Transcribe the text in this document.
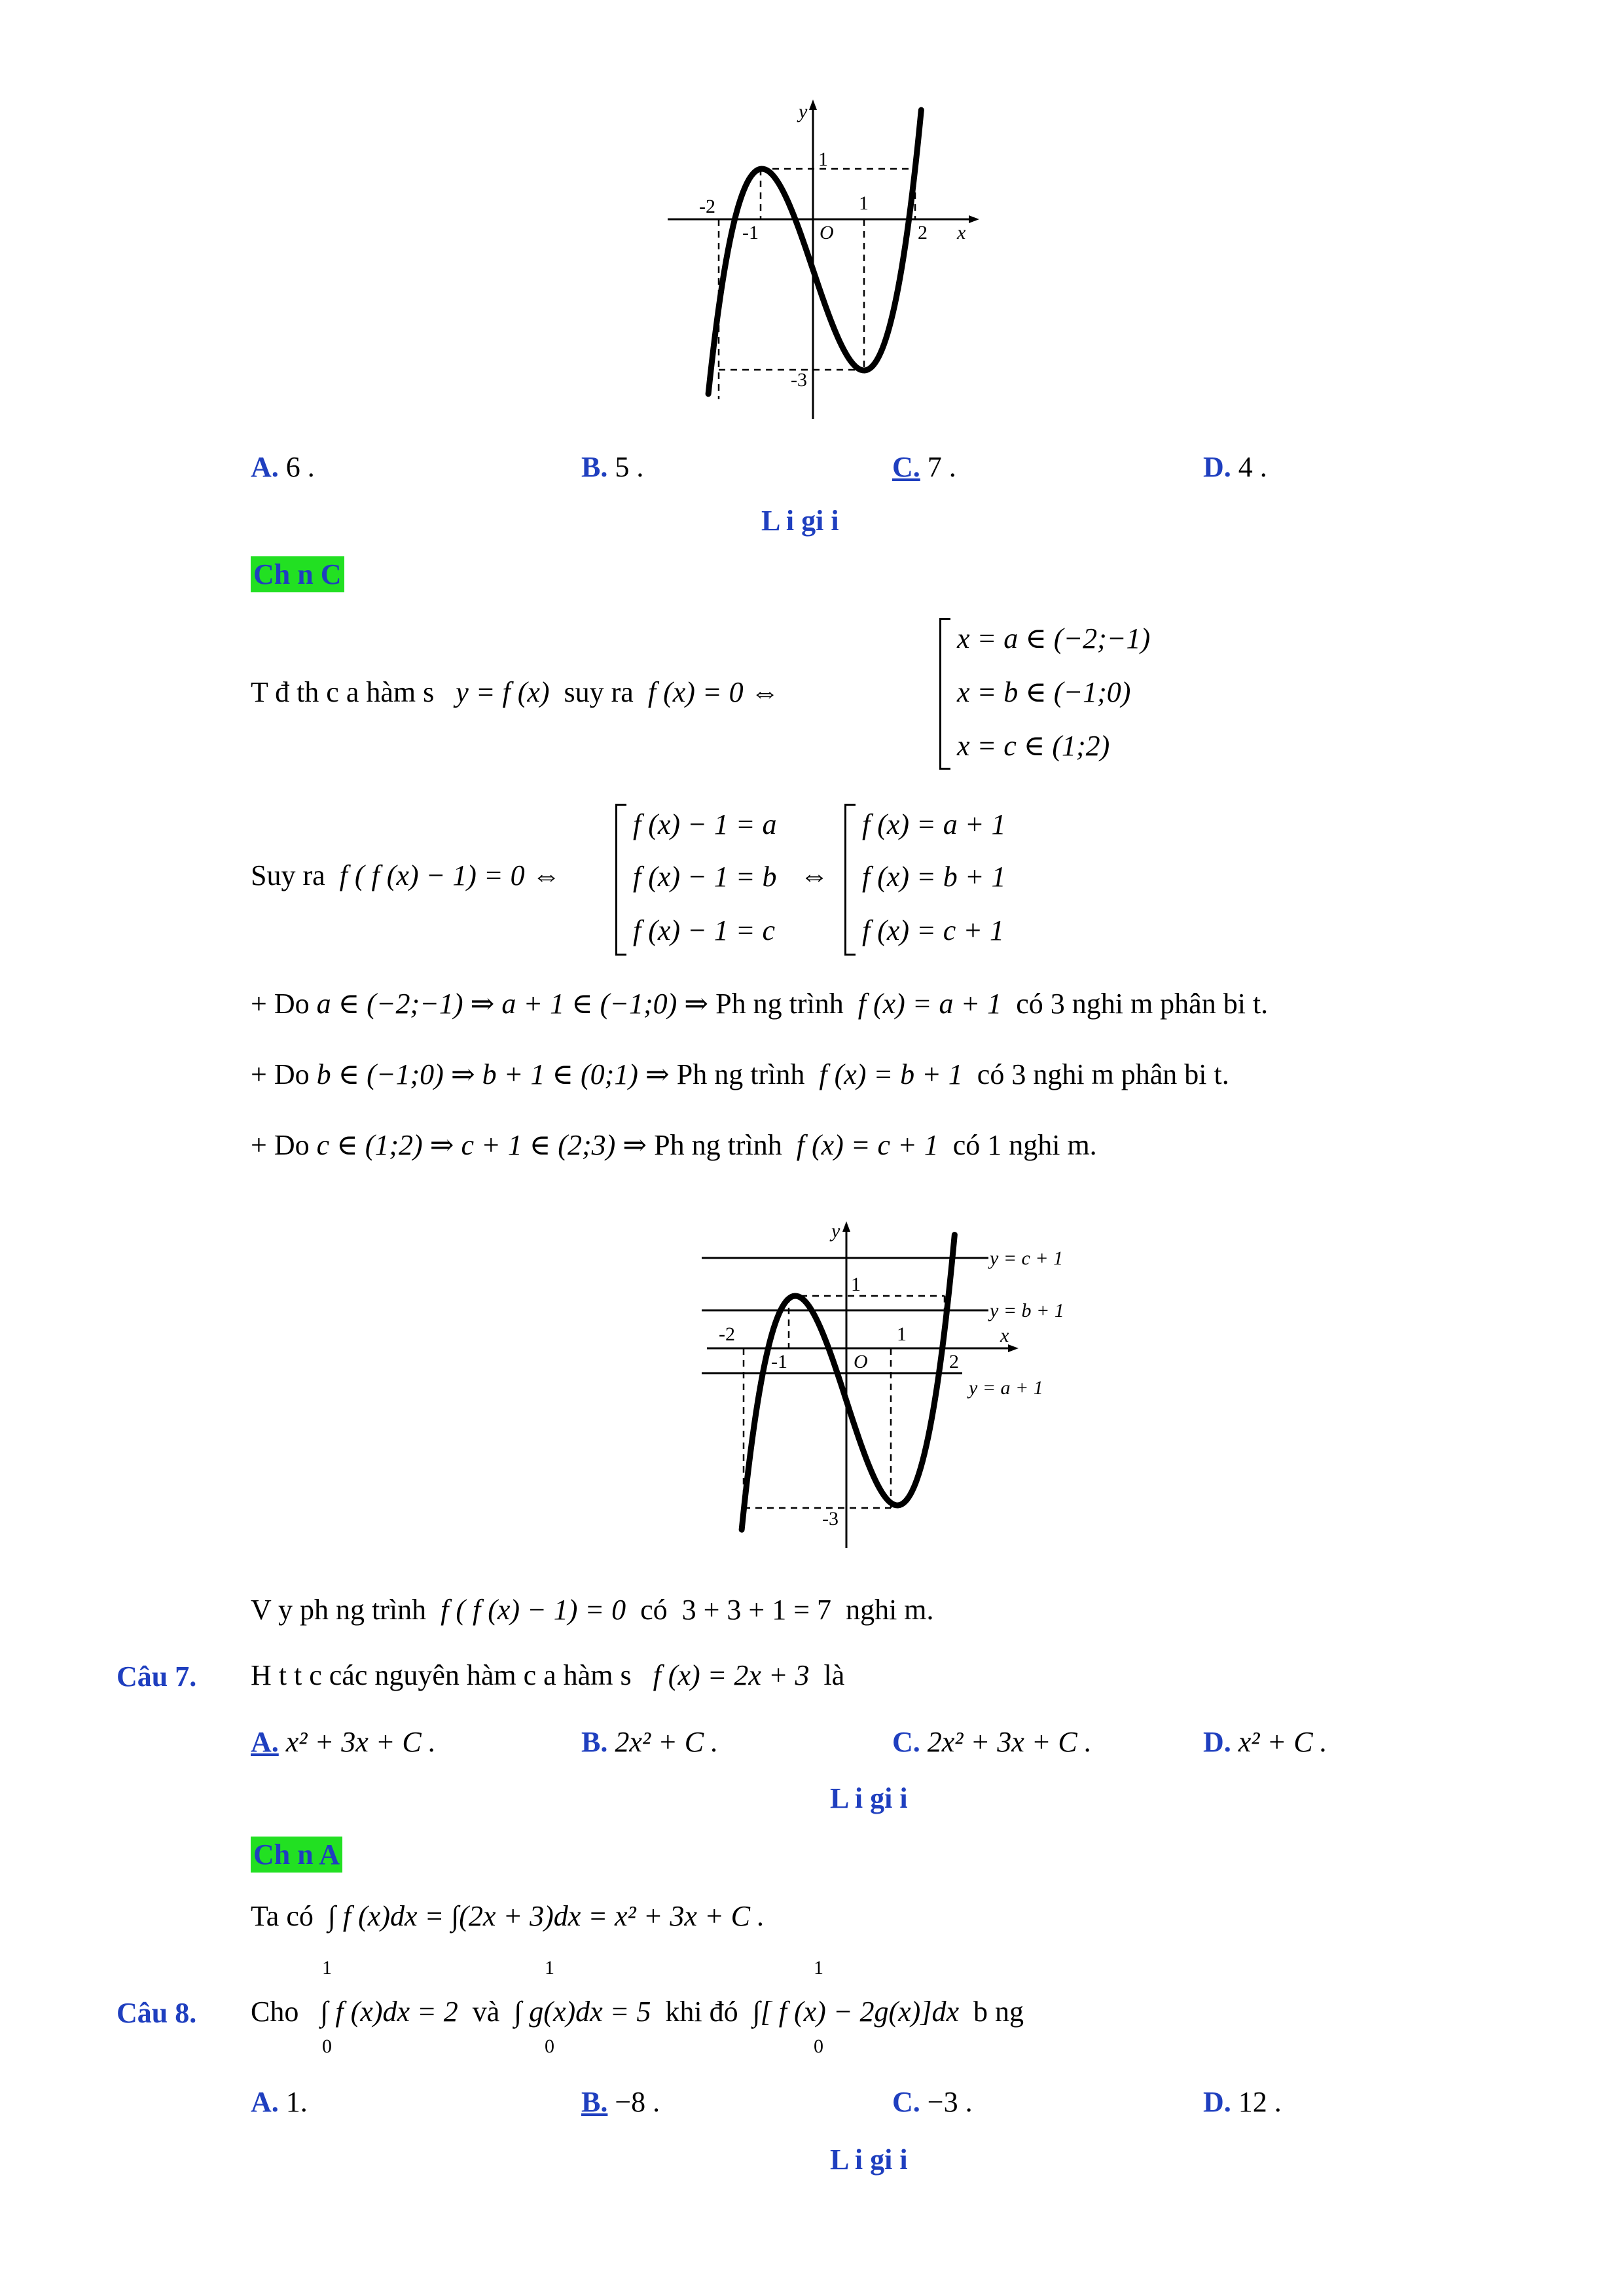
y
x
1
-2
-1	O
1
2
-3
A. 6 .	B. 5 .	C. 7 .	D. 4 .
L i gi i
Ch n C
T đ th c a hàm s y = f (x) suy ra f (x) = 0 ⇔
x = a ∈ (−2;−1)
x = b ∈ (−1;0)
x = c ∈ (1;2)
Suy ra f ( f (x) − 1) = 0 ⇔
f (x) − 1 = a
f (x) − 1 = b
f (x) − 1 = c
⇔
f (x) = a + 1
f (x) = b + 1
f (x) = c + 1
+ Do a ∈ (−2;−1) ⇒ a + 1 ∈ (−1;0) ⇒ Ph ng trình f (x) = a + 1 có 3 nghi m phân bi t.
+ Do b ∈ (−1;0) ⇒ b + 1 ∈ (0;1) ⇒ Ph ng trình f (x) = b + 1 có 3 nghi m phân bi t.
+ Do c ∈ (1;2) ⇒ c + 1 ∈ (2;3) ⇒ Ph ng trình f (x) = c + 1 có 1 nghi m.
y
1
-2
-1	O
1
2
x
-3
y = c + 1
y = b + 1
y = a + 1
V y ph ng trình f ( f (x) − 1) = 0 có 3 + 3 + 1 = 7 nghi m.
Câu 7. H t t c các nguyên hàm c a hàm s f (x) = 2x + 3 là
A. x² + 3x + C .	B. 2x² + C .	C. 2x² + 3x + C .	D. x² + C .
L i gi i
Ch n A
Ta có ∫ f (x)dx = ∫(2x + 3)dx = x² + 3x + C .
Câu 8. Cho ∫ f (x)dx = 2 và ∫ g(x)dx = 5 khi đó ∫[ f (x) − 2g(x)]dx b ng
1
0
1
0
1
0
A. 1.	B. −8 .	C. −3 .	D. 12 .
L i gi i
